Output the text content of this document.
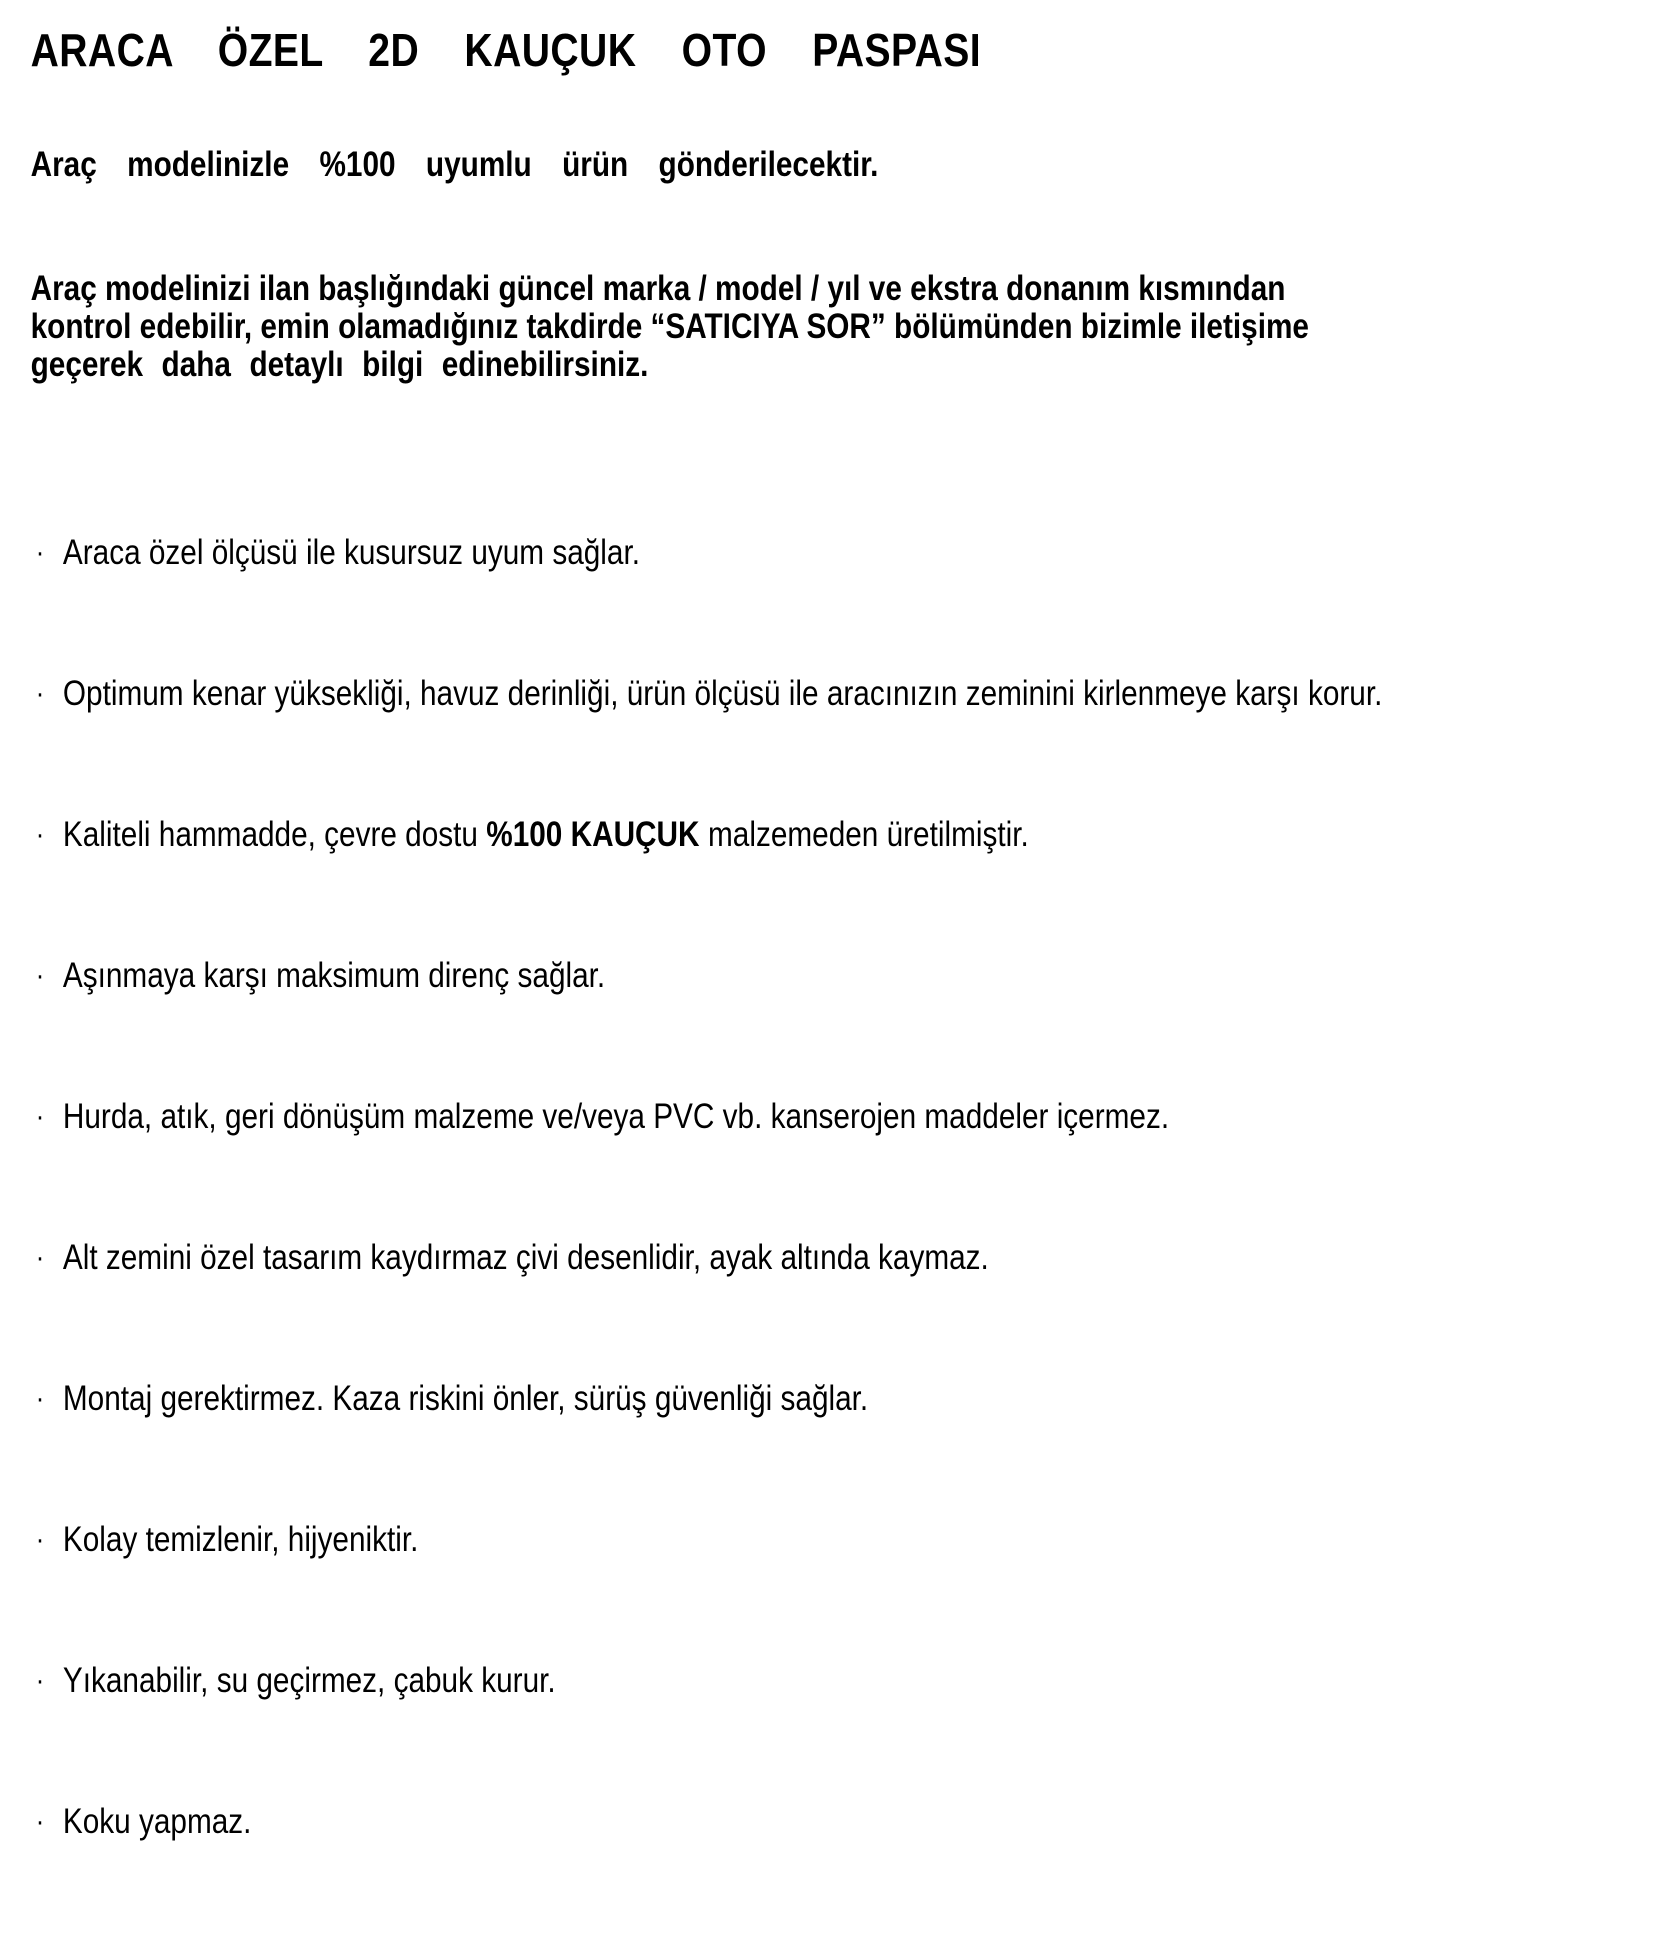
ARACA ÖZEL 2D KAUÇUK OTO PASPASI

Araç modelinizle %100 uyumlu ürün gönderilecektir.

Araç modelinizi ilan başlığındaki güncel marka / model / yıl ve ekstra donanım kısmından
kontrol edebilir, emin olamadığınız takdirde “SATICIYA SOR” bölümünden bizimle iletişime
geçerek daha detaylı bilgi edinebilirsiniz.
· Araca özel ölçüsü ile kusursuz uyum sağlar.
· Optimum kenar yüksekliği, havuz derinliği, ürün ölçüsü ile aracınızın zeminini kirlenmeye karşı korur.
· Kaliteli hammadde, çevre dostu %100 KAUÇUK malzemeden üretilmiştir.
· Aşınmaya karşı maksimum direnç sağlar.
· Hurda, atık, geri dönüşüm malzeme ve/veya PVC vb. kanserojen maddeler içermez.
· Alt zemini özel tasarım kaydırmaz çivi desenlidir, ayak altında kaymaz.
· Montaj gerektirmez. Kaza riskini önler, sürüş güvenliği sağlar.
· Kolay temizlenir, hijyeniktir.
· Yıkanabilir, su geçirmez, çabuk kurur.
· Koku yapmaz.
